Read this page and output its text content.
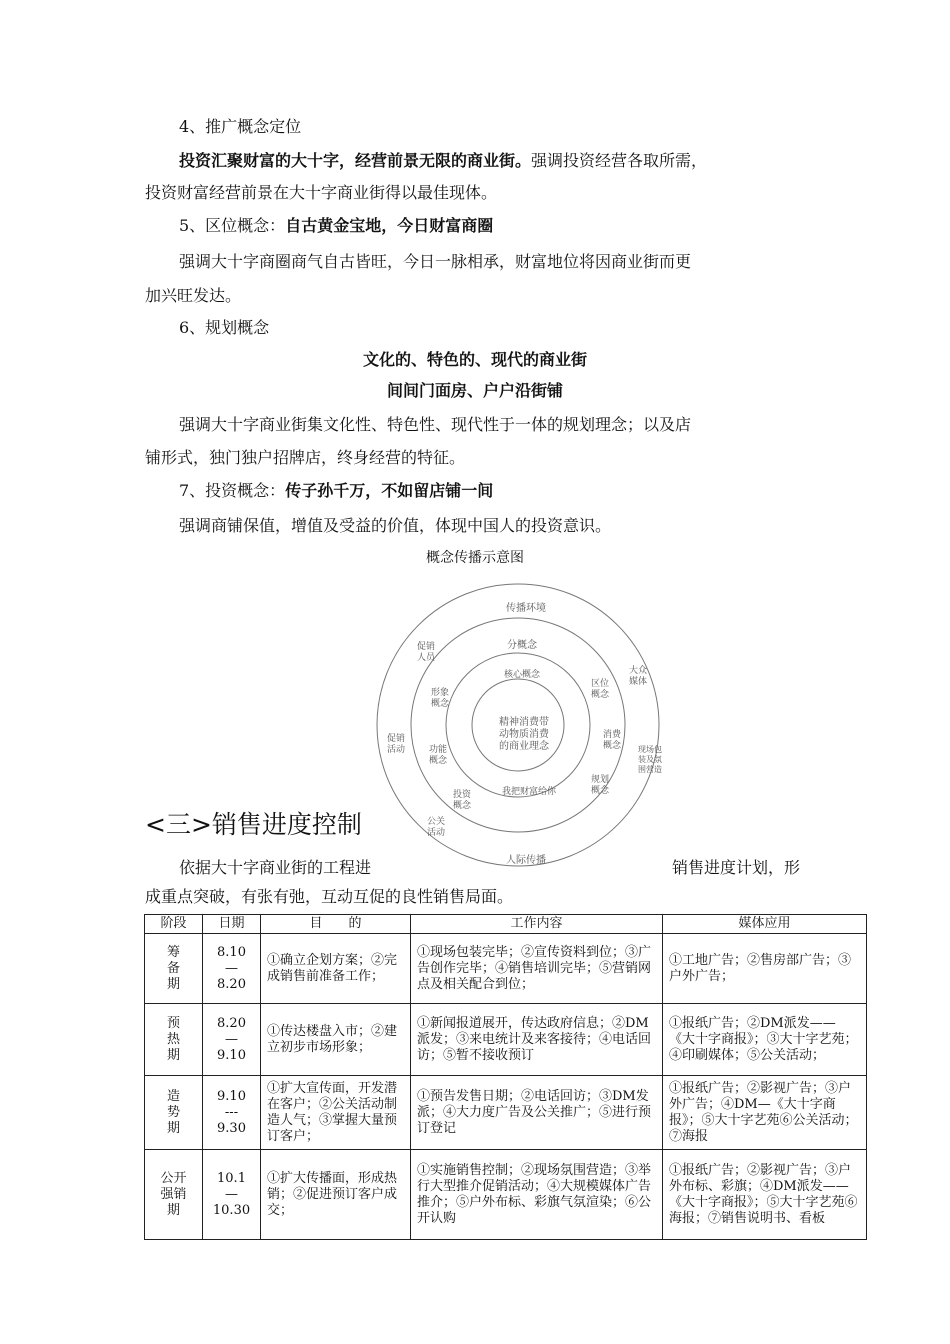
4、推广概念定位
投资汇聚财富的大十字，经营前景无限的商业街。强调投资经营各取所需，
投资财富经营前景在大十字商业街得以最佳现体。
5、区位概念：自古黄金宝地，今日财富商圈
强调大十字商圈商气自古皆旺，今日一脉相承，财富地位将因商业街而更
加兴旺发达。
6、规划概念
文化的、特色的、现代的商业街
间间门面房、户户沿街铺
强调大十字商业街集文化性、特色性、现代性于一体的规划理念；以及店
铺形式，独门独户招牌店，终身经营的特征。
7、投资概念：传子孙千万，不如留店铺一间
强调商铺保值，增值及受益的价值，体现中国人的投资意识。
概念传播示意图
传播环境
人际传播
分概念
核心概念
我把财富给你
精神消费带
动物质消费
的商业理念
促销
人员
大众
媒体
促销
活动	现场包
装及氛
围营造
公关
活动
形象
概念
区位
概念
功能
概念
消费
概念
投资
概念
规划
概念
<三>销售进度控制
依据大十字商业街的工程进	销售进度计划，形
成重点突破，有张有弛，互动互促的良性销售局面。
阶段	日期	目　　的	工作内容	媒体应用
筹
备
期	8.10
—
8.20	①确立企划方案；②完成销售前准备工作；	①现场包装完毕；②宣传资料到位；③广告创作完毕；④销售培训完毕；⑤营销网点及相关配合到位；	①工地广告；②售房部广告；③户外广告；
预
热
期	8.20
—
9.10	①传达楼盘入市；②建立初步市场形象；	①新闻报道展开，传达政府信息；②DM派发；③来电统计及来客接待；④电话回访；⑤暂不接收预订	①报纸广告；②DM派发——《大十字商报》；③大十字艺苑；④印刷媒体；⑤公关活动；
造
势
期	9.10
---
9.30	①扩大宣传面，开发潜在客户；②公关活动制造人气；③掌握大量预订客户；	①预告发售日期；②电话回访；③DM发派；④大力度广告及公关推广；⑤进行预订登记	①报纸广告；②影视广告；③户外广告；④DM—《大十字商报》；⑤大十字艺苑⑥公关活动；⑦海报
公开
强销
期	10.1
—
10.30	①扩大传播面，形成热销；②促进预订客户成交；	①实施销售控制；②现场氛围营造；③举行大型推介促销活动；④大规模媒体广告推介；⑤户外布标、彩旗气氛渲染；⑥公开认购	①报纸广告；②影视广告；③户外布标、彩旗；④DM派发——《大十字商报》；⑤大十字艺苑⑥海报；⑦销售说明书、看板
